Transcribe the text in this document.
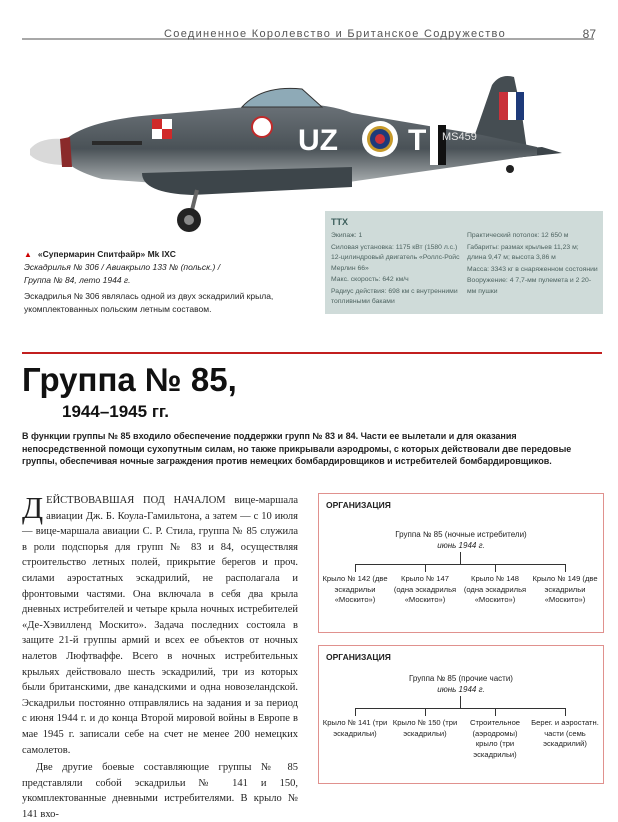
Соединенное Королевство и Британское Содружество	87
UZ T MS459
▲ «Супермарин Спитфайр» Mk IXC
Эскадрилья № 306 / Авиакрыло 133 № (польск.) /
Группа № 84, лето 1944 г.
Эскадрилья № 306 являлась одной из двух эскадрилий крыла, укомплектованных польским летным составом.
ТТХ
Экипаж: 1
Силовая установка: 1175 кВт (1580 л.с.) 12-цилиндровый двигатель «Роллс-Ройс Мерлин 66»
Макс. скорость: 642 км/ч
Радиус действия: 698 км с внутренними топливными баками
Практический потолок: 12 650 м
Габариты: размах крыльев 11,23 м; длина 9,47 м; высота 3,86 м
Масса: 3343 кг в снаряженном состоянии
Вооружение: 4 7,7-мм пулемета и 2 20-мм пушки
Группа № 85,
1944–1945 гг.
В функции группы № 85 входило обеспечение поддержки групп № 83 и 84. Части ее вылетали и для оказания непосредственной помощи сухопутным силам, но также прикрывали аэродромы, с которых действовали две передовые группы, обеспечивая ночные заграждения против немецких бомбардировщиков и истребителей бомбардировщиков.

ДЕЙСТВОВАВШАЯ ПОД НАЧАЛОМ вице-маршала авиации Дж. Б. Коула-Гамильтона, а затем — с 10 июля — вице-маршала авиации С. Р. Стила, группа № 85 служила в роли подспорья для групп № 83 и 84, осуществляя строительство летных полей, прикрытие берегов и проч. силами аэростатных эскадрилий, не располагала и фронтовыми частями. Она включала в себя два крыла дневных истребителей и четыре крыла ночных истребителей «Де-Хэвилленд Москито». Задача последних состояла в защите 21-й группы армий и всех ее объектов от ночных налетов Люфтваффе. Всего в ночных истребительных крыльях действовало шесть эскадрилий, три из которых были британскими, две канадскими и одна новозеландской. Эскадрильи постоянно отправлялись на задания и за период с июня 1944 г. и до конца Второй мировой войны в Европе в мае 1945 г. записали себе на счет не менее 200 немецких самолетов.

Две другие боевые составляющие группы № 85 представляли собой эскадрильи № 141 и 150, укомплектованные дневными истребителями. В крыло № 141 вхо-

ОРГАНИЗАЦИЯ
Группа № 85 (ночные истребители)
июнь 1944 г.
Крыло № 142 (две эскадрильи «Москито»)
Крыло № 147 (одна эскадрилья «Москито»)
Крыло № 148 (одна эскадрилья «Москито»)
Крыло № 149 (две эскадрильи «Москито»)
ОРГАНИЗАЦИЯ
Группа № 85 (прочие части)
июнь 1944 г.
Крыло № 141 (три эскадрильи)
Крыло № 150 (три эскадрильи)
Строительное (аэродромы) крыло (три эскадрильи)
Берег. и аэростатн. части (семь эскадрилий)
